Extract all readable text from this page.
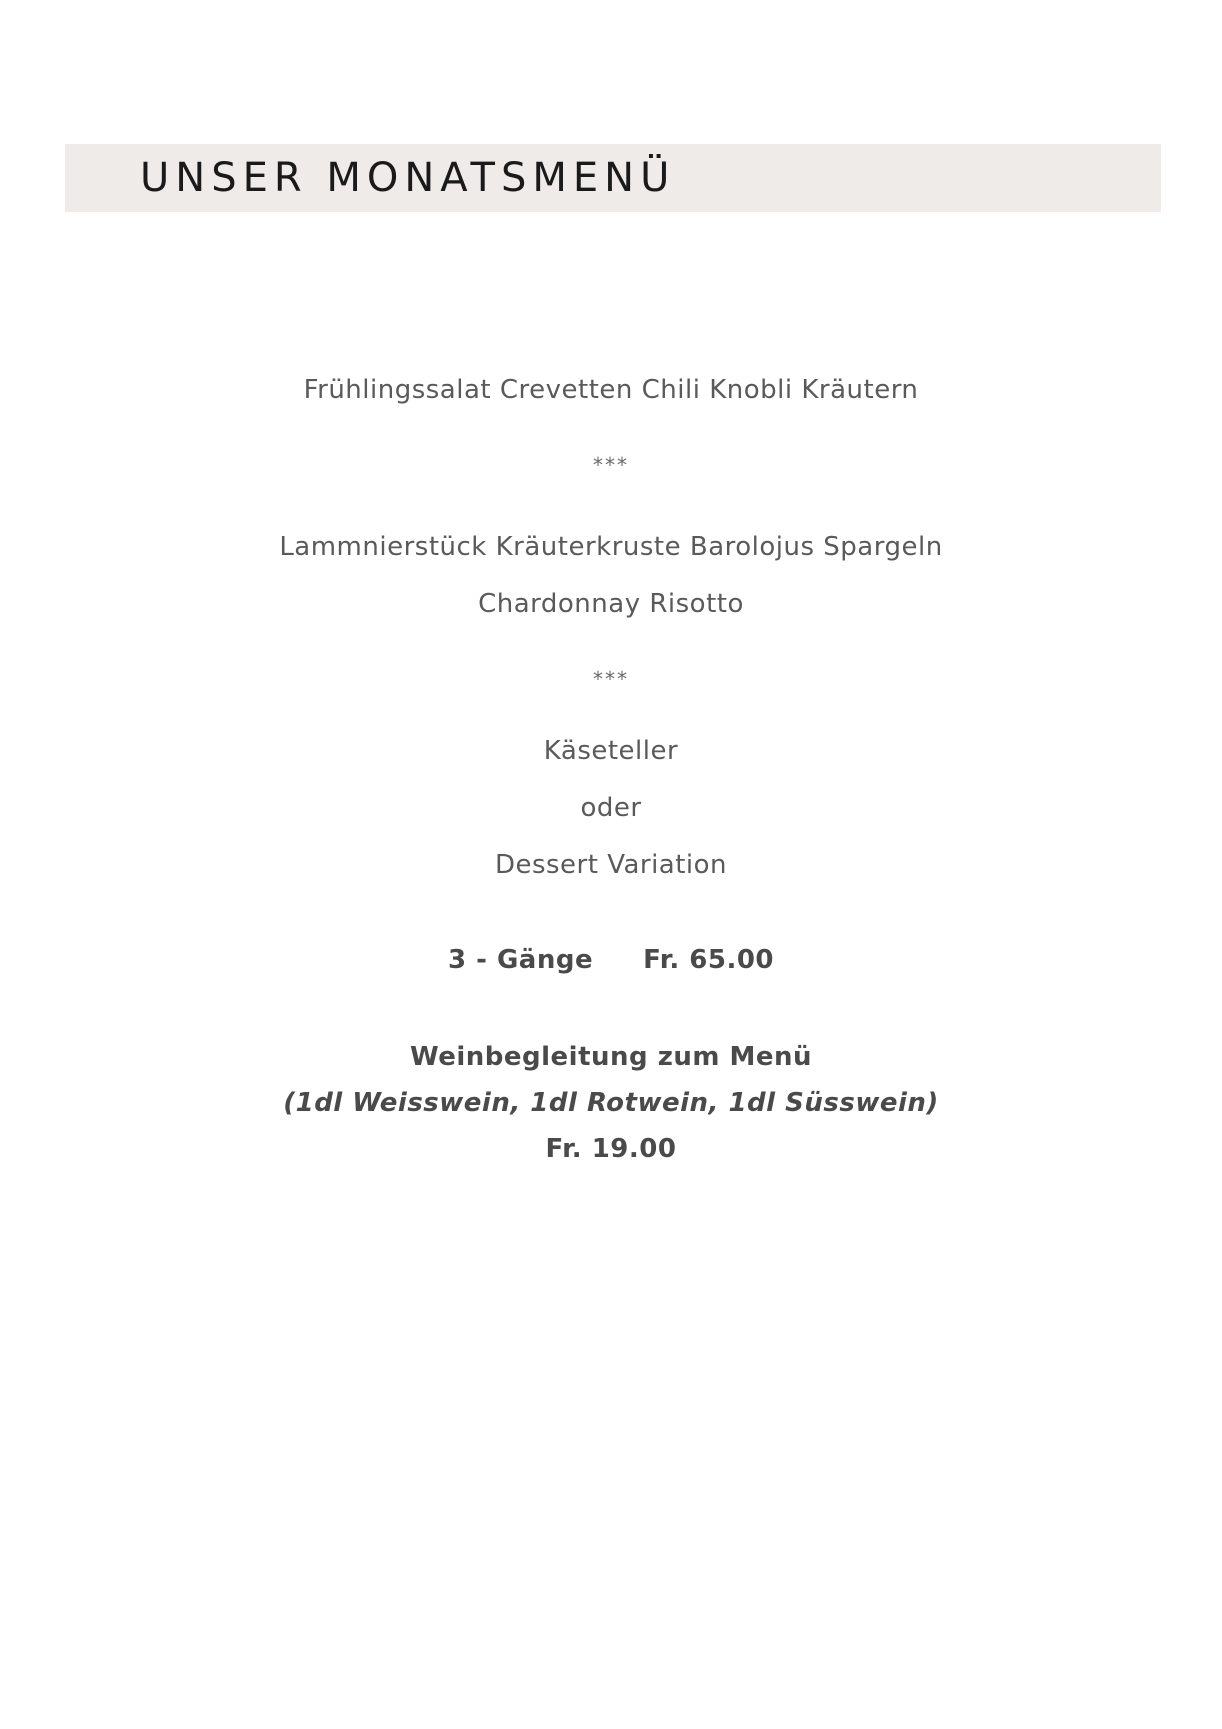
UNSER MONATSMENÜ
Frühlingssalat Crevetten Chili Knobli Kräutern
***
Lammnierstück Kräuterkruste Barolojus Spargeln
Chardonnay Risotto
***
Käseteller
oder
Dessert Variation
3 - Gänge Fr. 65.00
Weinbegleitung zum Menü
(1dl Weisswein, 1dl Rotwein, 1dl Süsswein)
Fr. 19.00
